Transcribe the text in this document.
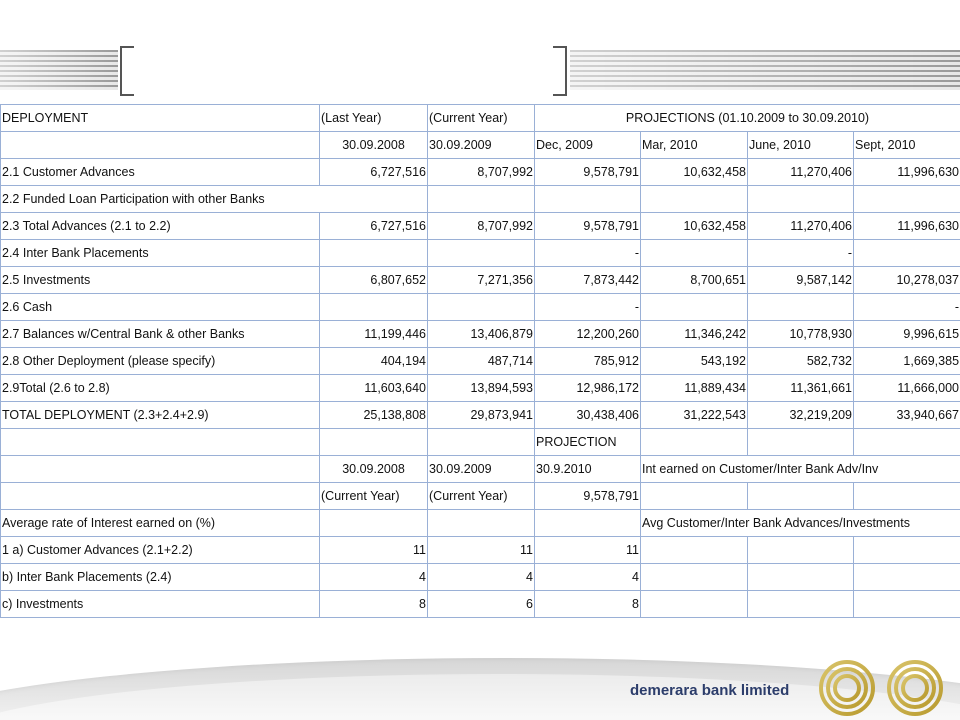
DEPLOYMENT	(Last Year)	(Current Year)	PROJECTIONS (01.10.2009 to 30.09.2010)			
	30.09.2008	30.09.2009	Dec, 2009	Mar, 2010	June, 2010	Sept, 2010
2.1 Customer Advances	6,727,516	8,707,992	9,578,791	10,632,458	11,270,406	11,996,630
2.2 Funded Loan Participation with other Banks						
2.3 Total Advances (2.1 to 2.2)	6,727,516	8,707,992	9,578,791	10,632,458	11,270,406	11,996,630
2.4 Inter Bank Placements			-		-	
2.5 Investments	6,807,652	7,271,356	7,873,442	8,700,651	9,587,142	10,278,037
2.6 Cash			-			-
2.7 Balances w/Central Bank & other Banks	11,199,446	13,406,879	12,200,260	11,346,242	10,778,930	9,996,615
2.8 Other Deployment (please specify)	404,194	487,714	785,912	543,192	582,732	1,669,385
2.9Total (2.6 to 2.8)	11,603,640	13,894,593	12,986,172	11,889,434	11,361,661	11,666,000
TOTAL DEPLOYMENT (2.3+2.4+2.9)	25,138,808	29,873,941	30,438,406	31,222,543	32,219,209	33,940,667
			PROJECTION			
	30.09.2008	30.09.2009	30.9.2010	Int earned on Customer/Inter Bank Adv/Inv		
	(Current Year)	(Current Year)	9,578,791			
Average rate of Interest earned on (%)				Avg Customer/Inter Bank Advances/Investments		
1 a) Customer Advances (2.1+2.2)	11	11	11			
b) Inter Bank Placements (2.4)	4	4	4			
c) Investments	8	6	8			
demerara bank limited
